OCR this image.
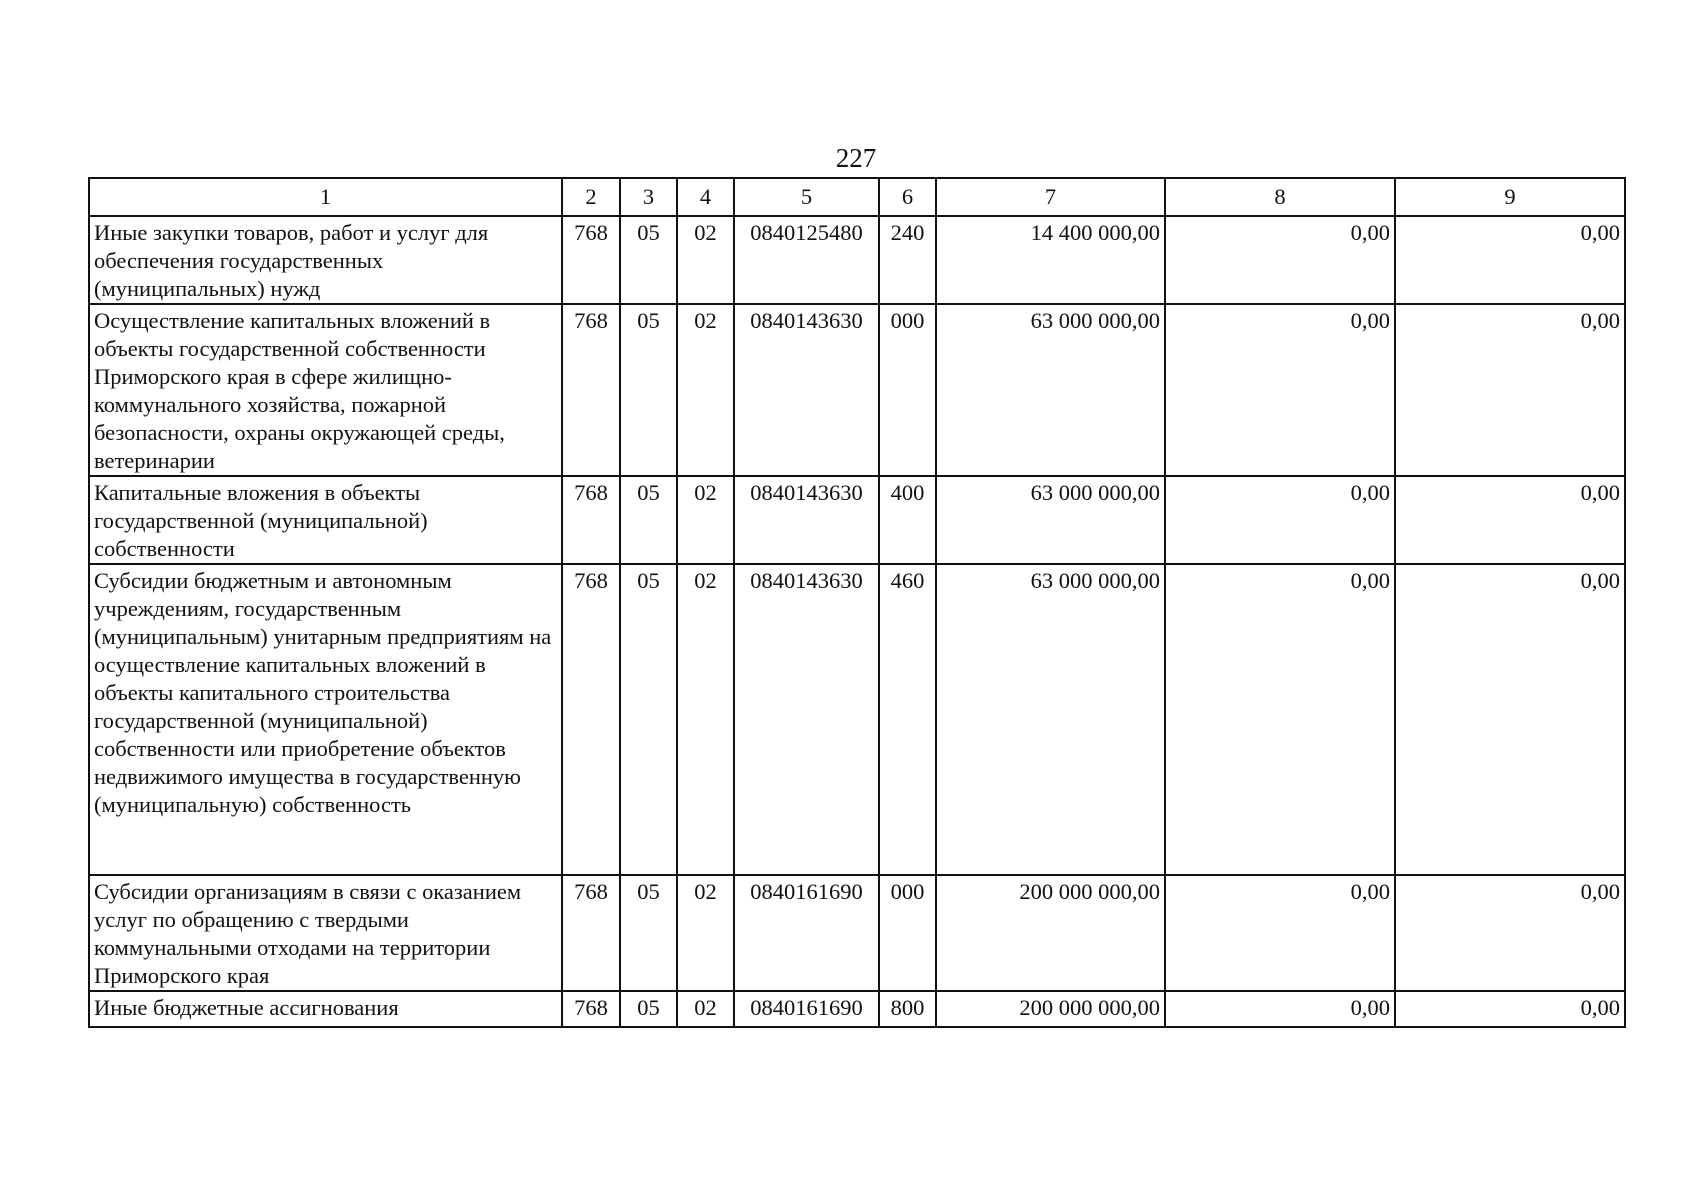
227
1	2	3	4	5	6	7	8	9
Иные закупки товаров, работ и услуг для обеспечения государственных (муниципальных) нужд	768	05	02	0840125480	240	14 400 000,00	0,00	0,00
Осуществление капитальных вложений в объекты государственной собственности Приморского края в сфере жилищно-коммунального хозяйства, пожарной безопасности, охраны окружающей среды, ветеринарии	768	05	02	0840143630	000	63 000 000,00	0,00	0,00
Капитальные вложения в объекты государственной (муниципальной) собственности	768	05	02	0840143630	400	63 000 000,00	0,00	0,00
Субсидии бюджетным и автономным учреждениям, государственным (муниципальным) унитарным предприятиям на осуществление капитальных вложений в объекты капитального строительства государственной (муниципальной) собственности или приобретение объектов недвижимого имущества в государственную (муниципальную) собственность	768	05	02	0840143630	460	63 000 000,00	0,00	0,00
Субсидии организациям в связи с оказанием услуг по обращению с твердыми коммунальными отходами на территории Приморского края	768	05	02	0840161690	000	200 000 000,00	0,00	0,00
Иные бюджетные ассигнования	768	05	02	0840161690	800	200 000 000,00	0,00	0,00
